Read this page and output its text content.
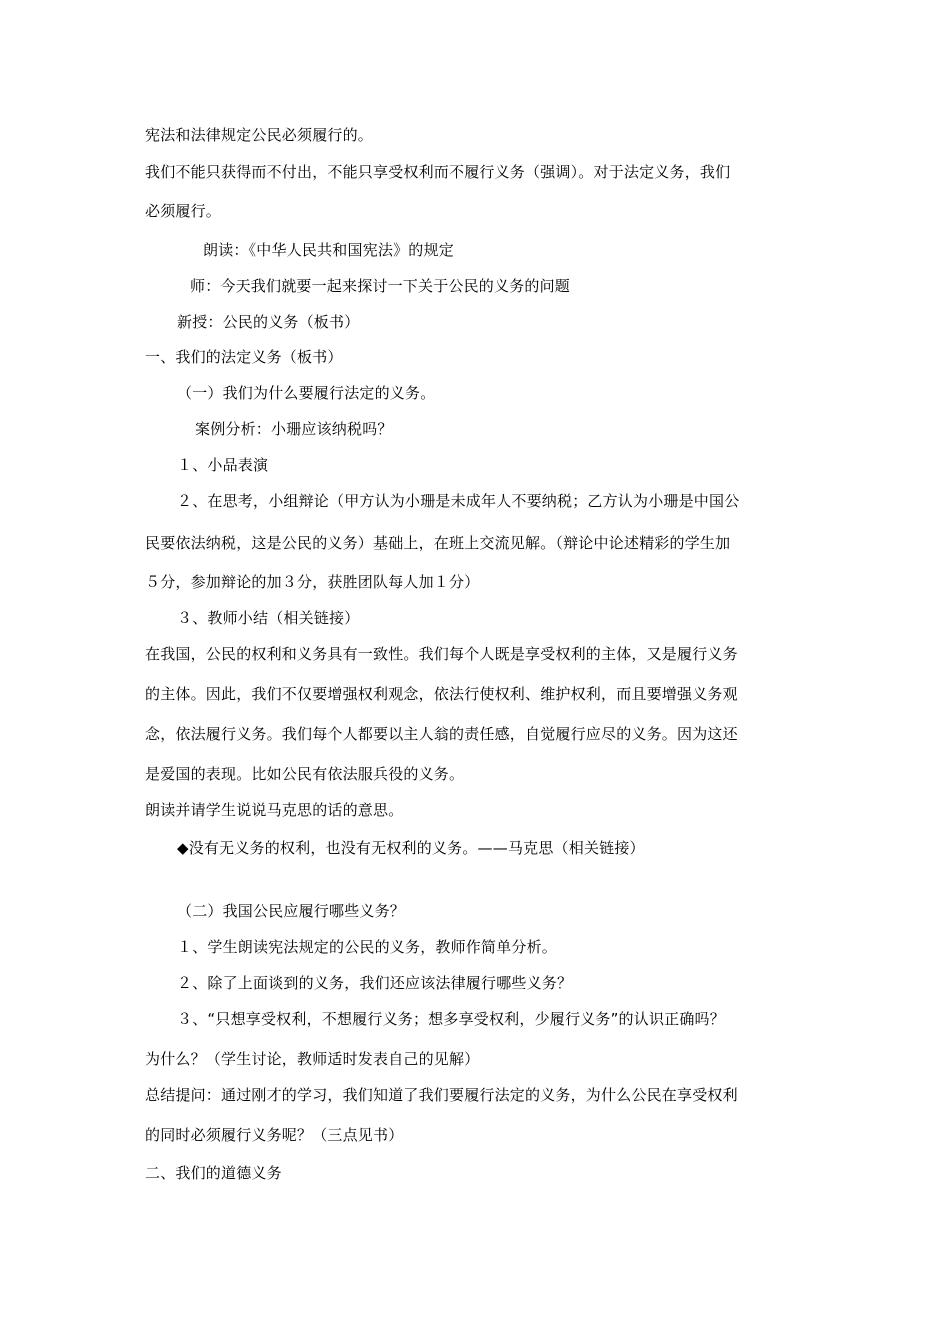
宪法和法律规定公民必须履行的。
我们不能只获得而不付出，不能只享受权利而不履行义务（强调）。对于法定义务，我们
必须履行。
朗读：《中华人民共和国宪法》的规定
师：今天我们就要一起来探讨一下关于公民的义务的问题
新授：公民的义务（板书）
一、我们的法定义务（板书）
（一）我们为什么要履行法定的义务。
案例分析：小珊应该纳税吗？
１、小品表演
２、在思考，小组辩论（甲方认为小珊是未成年人不要纳税；乙方认为小珊是中国公
民要依法纳税，这是公民的义务）基础上，在班上交流见解。（辩论中论述精彩的学生加
５分，参加辩论的加３分，获胜团队每人加１分）
３、教师小结（相关链接）
在我国，公民的权利和义务具有一致性。我们每个人既是享受权利的主体，又是履行义务
的主体。因此，我们不仅要增强权利观念，依法行使权利、维护权利，而且要增强义务观
念，依法履行义务。我们每个人都要以主人翁的责任感，自觉履行应尽的义务。因为这还
是爱国的表现。比如公民有依法服兵役的义务。
朗读并请学生说说马克思的话的意思。
◆没有无义务的权利，也没有无权利的义务。——马克思（相关链接）
（二）我国公民应履行哪些义务？
１、学生朗读宪法规定的公民的义务，教师作简单分析。
２、除了上面谈到的义务，我们还应该法律履行哪些义务？
３、“只想享受权利，不想履行义务；想多享受权利，少履行义务”的认识正确吗？
为什么？（学生讨论，教师适时发表自己的见解）
总结提问：通过刚才的学习，我们知道了我们要履行法定的义务，为什么公民在享受权利
的同时必须履行义务呢？（三点见书）
二、我们的道德义务
